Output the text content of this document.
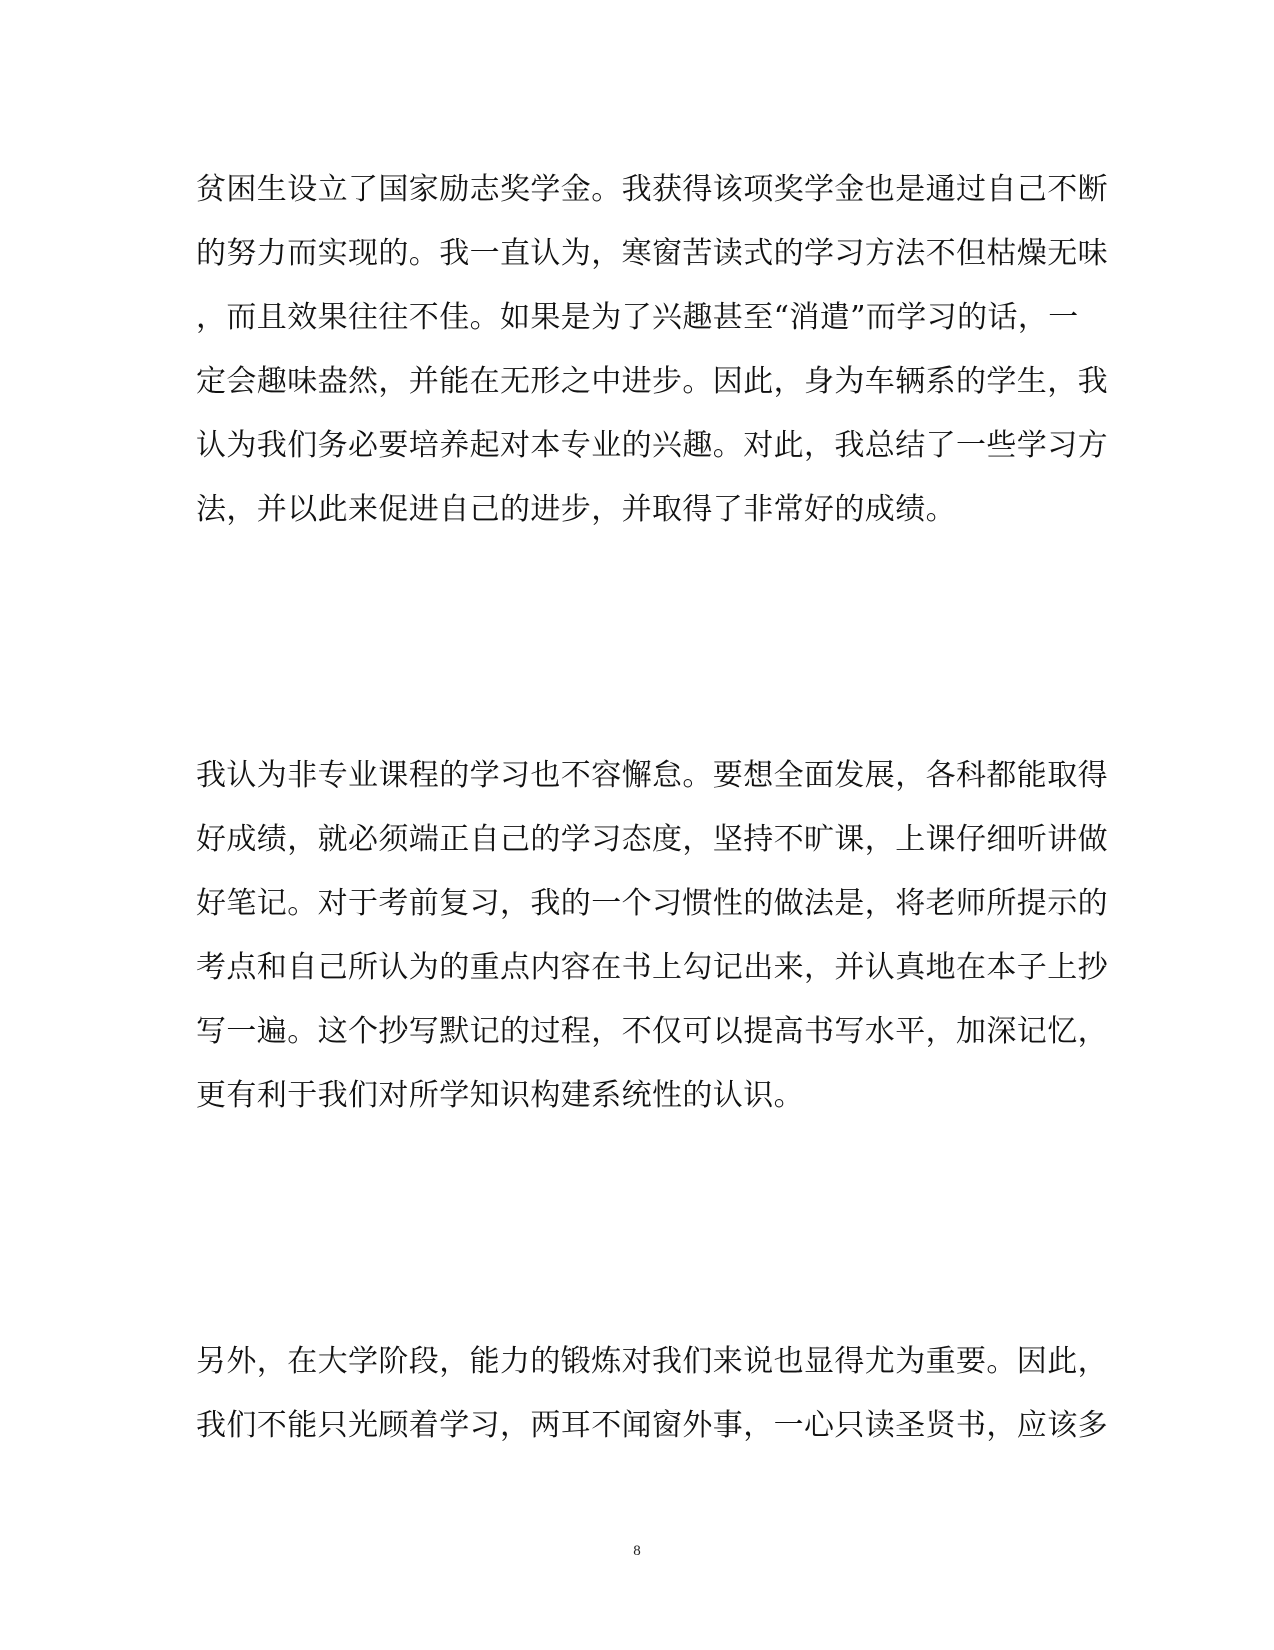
贫困生设立了国家励志奖学金。我获得该项奖学金也是通过自己不断
的努力而实现的。我一直认为，寒窗苦读式的学习方法不但枯燥无味
，而且效果往往不佳。如果是为了兴趣甚至“消遣”而学习的话，一
定会趣味盎然，并能在无形之中进步。因此，身为车辆系的学生，我
认为我们务必要培养起对本专业的兴趣。对此，我总结了一些学习方
法，并以此来促进自己的进步，并取得了非常好的成绩。
我认为非专业课程的学习也不容懈怠。要想全面发展，各科都能取得
好成绩，就必须端正自己的学习态度，坚持不旷课，上课仔细听讲做
好笔记。对于考前复习，我的一个习惯性的做法是，将老师所提示的
考点和自己所认为的重点内容在书上勾记出来，并认真地在本子上抄
写一遍。这个抄写默记的过程，不仅可以提高书写水平，加深记忆，
更有利于我们对所学知识构建系统性的认识。
另外，在大学阶段，能力的锻炼对我们来说也显得尤为重要。因此，
我们不能只光顾着学习，两耳不闻窗外事，一心只读圣贤书，应该多
8
